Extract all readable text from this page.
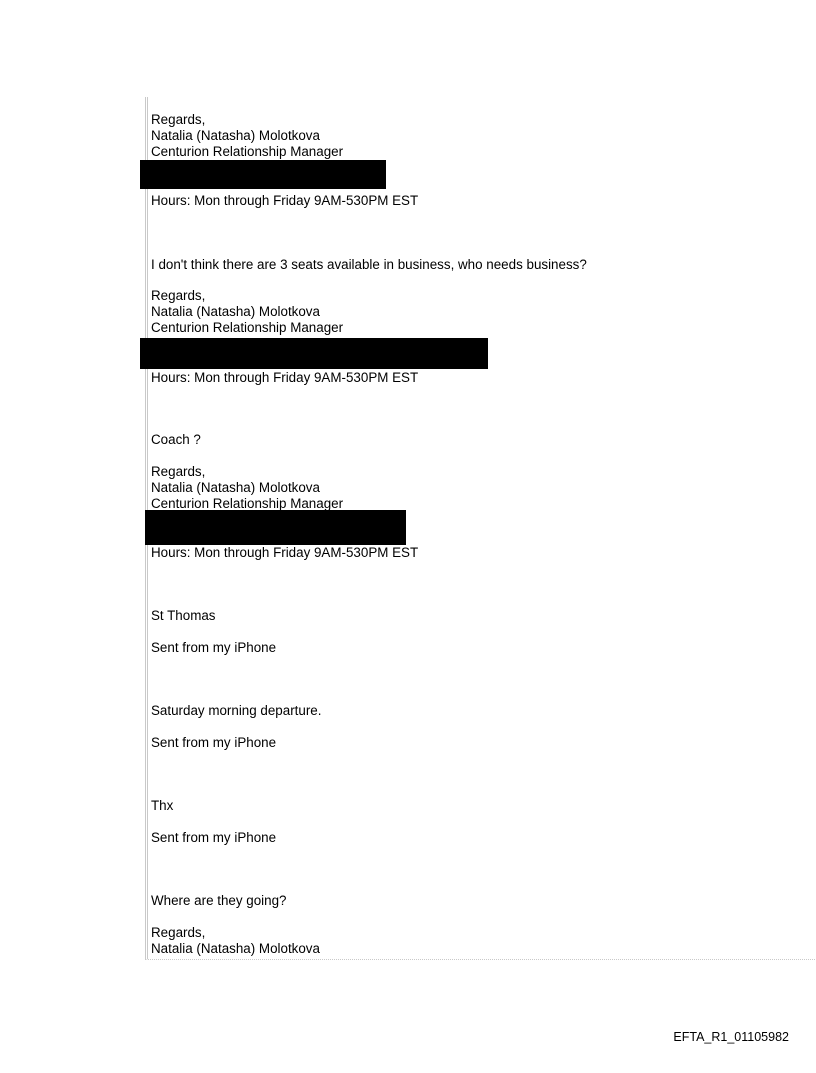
Regards,
Natalia (Natasha) Molotkova
Centurion Relationship Manager
Hours: Mon through Friday 9AM-530PM EST
I don't think there are 3 seats available in business, who needs business?
Regards,
Natalia (Natasha) Molotkova
Centurion Relationship Manager
Hours: Mon through Friday 9AM-530PM EST
Coach ?
Regards,
Natalia (Natasha) Molotkova
Centurion Relationship Manager
Hours: Mon through Friday 9AM-530PM EST
St Thomas
Sent from my iPhone
Saturday morning departure.
Sent from my iPhone
Thx
Sent from my iPhone
Where are they going?
Regards,
Natalia (Natasha) Molotkova
EFTA_R1_01105982
